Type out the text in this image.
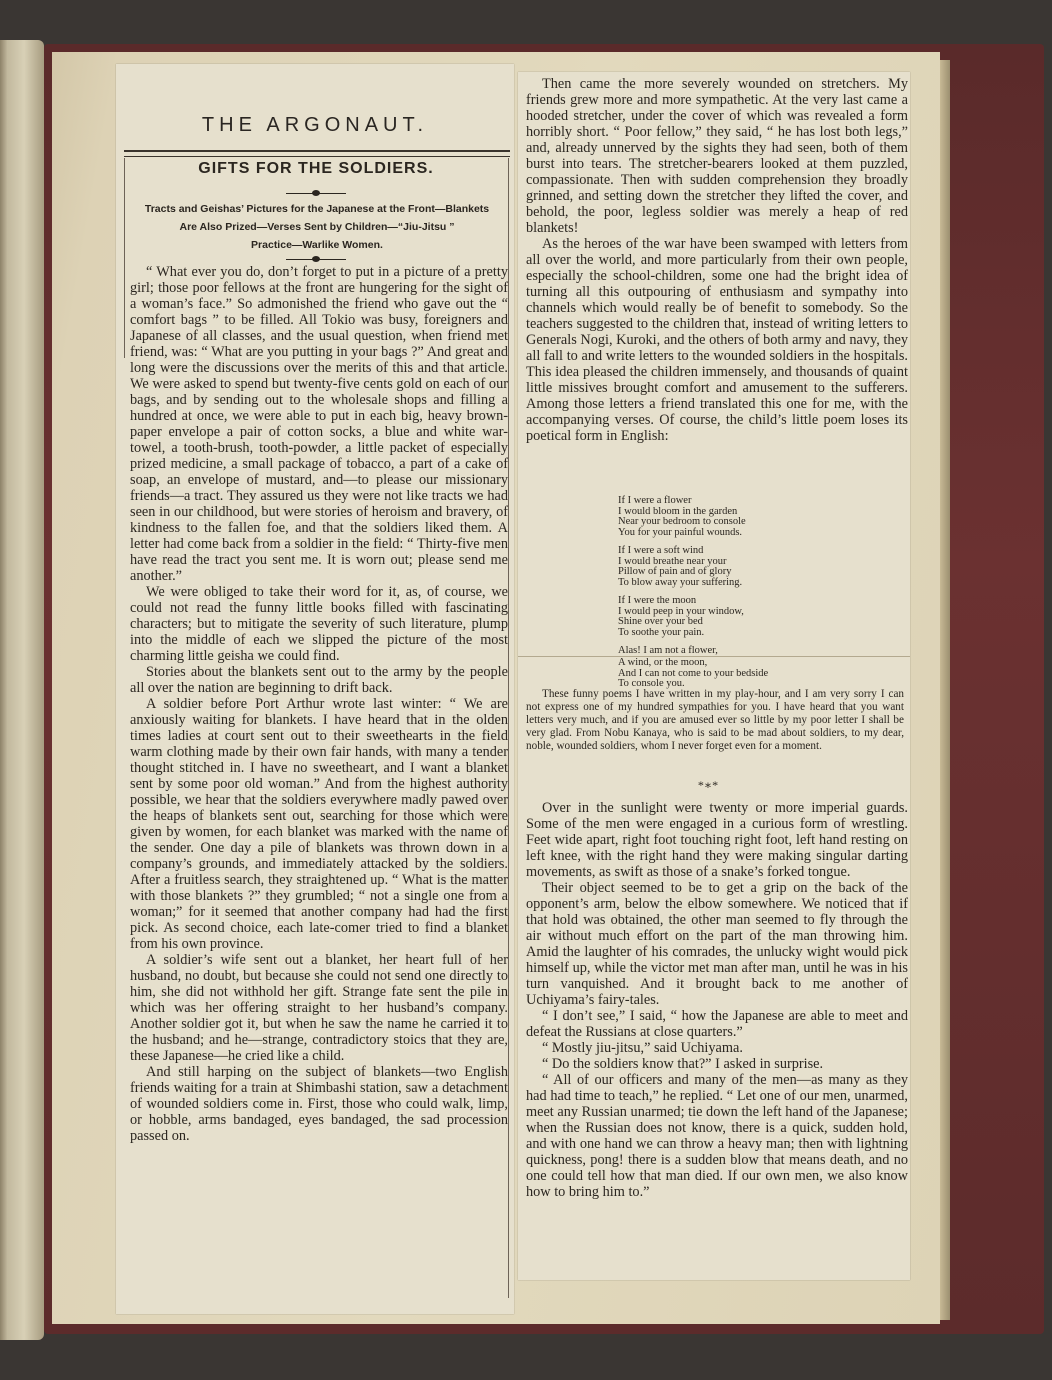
THE ARGONAUT.
GIFTS FOR THE SOLDIERS.
Tracts and Geishas’ Pictures for the Japanese at the Front—Blankets
Are Also Prized—Verses Sent by Children—“Jiu-Jitsu ”
Practice—Warlike Women.

“ What ever you do, don’t forget to put in a picture of a pretty girl; those poor fellows at the front are hungering for the sight of a woman’s face.” So admonished the friend who gave out the “ comfort bags ” to be filled. All Tokio was busy, foreigners and Japanese of all classes, and the usual question, when friend met friend, was: “ What are you putting in your bags ?” And great and long were the discussions over the merits of this and that article. We were asked to spend but twenty-five cents gold on each of our bags, and by sending out to the wholesale shops and filling a hundred at once, we were able to put in each big, heavy brown-paper envelope a pair of cotton socks, a blue and white war-towel, a tooth-brush, tooth-powder, a little packet of especially prized medicine, a small package of tobacco, a part of a cake of soap, an envelope of mustard, and—to please our missionary friends—a tract. They assured us they were not like tracts we had seen in our childhood, but were stories of heroism and bravery, of kindness to the fallen foe, and that the soldiers liked them. A letter had come back from a soldier in the field: “ Thirty-five men have read the tract you sent me. It is worn out; please send me another.”

We were obliged to take their word for it, as, of course, we could not read the funny little books filled with fascinating characters; but to mitigate the severity of such literature, plump into the middle of each we slipped the picture of the most charming little geisha we could find.

Stories about the blankets sent out to the army by the people all over the nation are beginning to drift back.

A soldier before Port Arthur wrote last winter: “ We are anxiously waiting for blankets. I have heard that in the olden times ladies at court sent out to their sweethearts in the field warm clothing made by their own fair hands, with many a tender thought stitched in. I have no sweetheart, and I want a blanket sent by some poor old woman.” And from the highest authority possible, we hear that the soldiers everywhere madly pawed over the heaps of blankets sent out, searching for those which were given by women, for each blanket was marked with the name of the sender. One day a pile of blankets was thrown down in a company’s grounds, and immediately attacked by the soldiers. After a fruitless search, they straightened up. “ What is the matter with those blankets ?” they grumbled; “ not a single one from a woman;” for it seemed that another company had had the first pick. As second choice, each late-comer tried to find a blanket from his own province.

A soldier’s wife sent out a blanket, her heart full of her husband, no doubt, but because she could not send one directly to him, she did not withhold her gift. Strange fate sent the pile in which was her offering straight to her husband’s company. Another soldier got it, but when he saw the name he carried it to the husband; and he—strange, contradictory stoics that they are, these Japanese—he cried like a child.

And still harping on the subject of blankets—two English friends waiting for a train at Shimbashi station, saw a detachment of wounded soldiers come in. First, those who could walk, limp, or hobble, arms bandaged, eyes bandaged, the sad procession passed on.

Then came the more severely wounded on stretchers. My friends grew more and more sympathetic. At the very last came a hooded stretcher, under the cover of which was revealed a form horribly short. “ Poor fellow,” they said, “ he has lost both legs,” and, already unnerved by the sights they had seen, both of them burst into tears. The stretcher-bearers looked at them puzzled, compassionate. Then with sudden comprehension they broadly grinned, and setting down the stretcher they lifted the cover, and behold, the poor, legless soldier was merely a heap of red blankets!

As the heroes of the war have been swamped with letters from all over the world, and more particularly from their own people, especially the school-children, some one had the bright idea of turning all this outpouring of enthusiasm and sympathy into channels which would really be of benefit to somebody. So the teachers suggested to the children that, instead of writing letters to Generals Nogi, Kuroki, and the others of both army and navy, they all fall to and write letters to the wounded soldiers in the hospitals. This idea pleased the children immensely, and thousands of quaint little missives brought comfort and amusement to the sufferers. Among those letters a friend translated this one for me, with the accompanying verses. Of course, the child’s little poem loses its poetical form in English:

If I were a flower
I would bloom in the garden
Near your bedroom to console
You for your painful wounds.
If I were a soft wind
I would breathe near your
Pillow of pain and of glory
To blow away your suffering.
If I were the moon
I would peep in your window,
Shine over your bed
To soothe your pain.
Alas! I am not a flower,
A wind, or the moon,
And I can not come to your bedside
To console you.

These funny poems I have written in my play-hour, and I am very sorry I can not express one of my hundred sympathies for you. I have heard that you want letters very much, and if you are amused ever so little by my poor letter I shall be very glad. From Nobu Kanaya, who is said to be mad about soldiers, to my dear, noble, wounded soldiers, whom I never forget even for a moment.

*∗*

Over in the sunlight were twenty or more imperial guards. Some of the men were engaged in a curious form of wrestling. Feet wide apart, right foot touching right foot, left hand resting on left knee, with the right hand they were making singular darting movements, as swift as those of a snake’s forked tongue.

Their object seemed to be to get a grip on the back of the opponent’s arm, below the elbow somewhere. We noticed that if that hold was obtained, the other man seemed to fly through the air without much effort on the part of the man throwing him. Amid the laughter of his comrades, the unlucky wight would pick himself up, while the victor met man after man, until he was in his turn vanquished. And it brought back to me another of Uchiyama’s fairy-tales.

“ I don’t see,” I said, “ how the Japanese are able to meet and defeat the Russians at close quarters.”

“ Mostly jiu-jitsu,” said Uchiyama.

“ Do the soldiers know that?” I asked in surprise.

“ All of our officers and many of the men—as many as they had had time to teach,” he replied. “ Let one of our men, unarmed, meet any Russian unarmed; tie down the left hand of the Japanese; when the Russian does not know, there is a quick, sudden hold, and with one hand we can throw a heavy man; then with lightning quickness, pong! there is a sudden blow that means death, and no one could tell how that man died. If our own men, we also know how to bring him to.”
